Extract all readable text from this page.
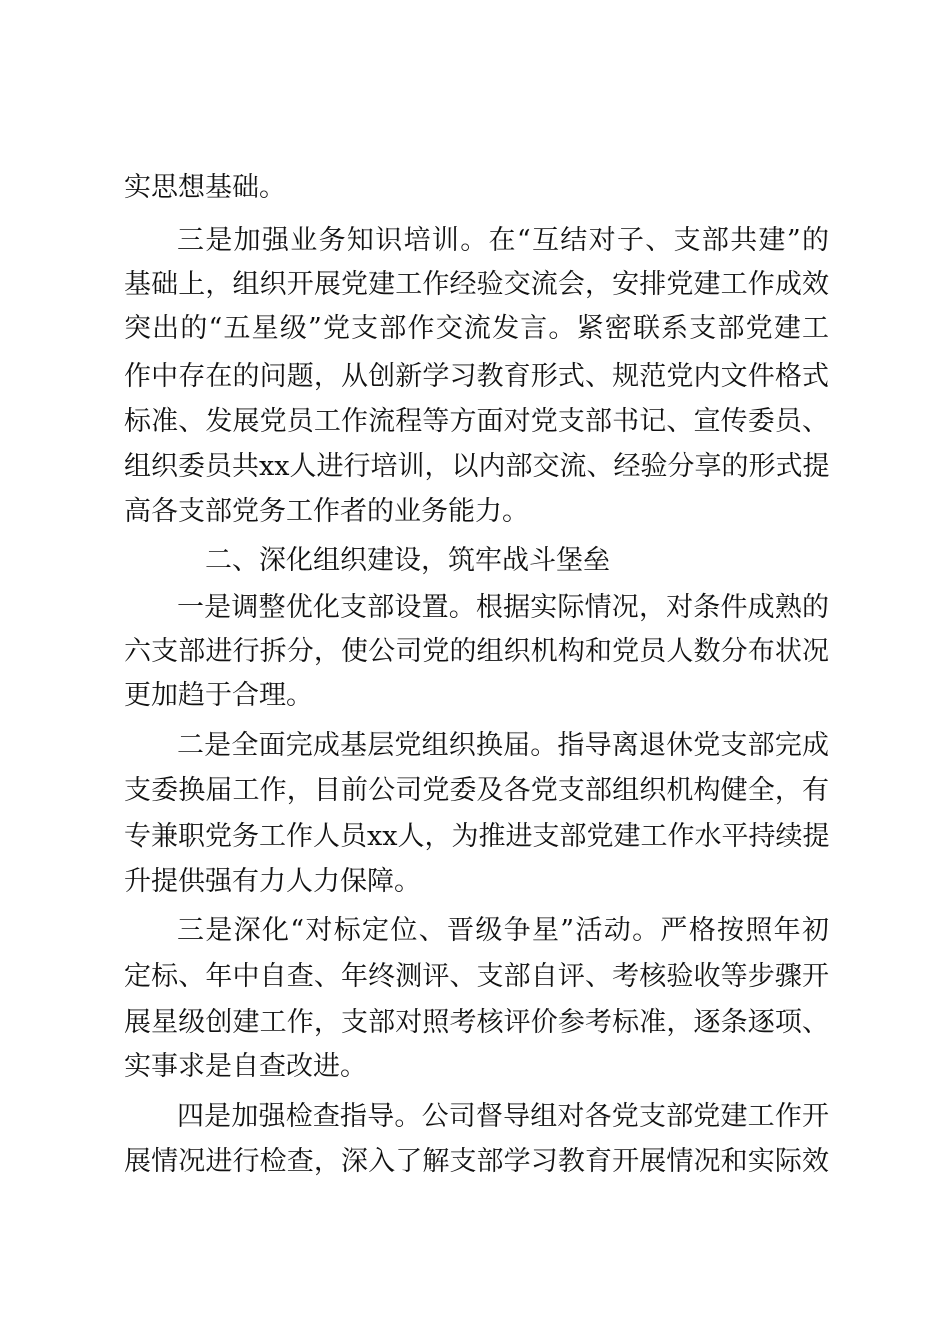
实思想基础。
三是加强业务知识培训。在“互结对子、支部共建”的
基础上，组织开展党建工作经验交流会，安排党建工作成效
突出的“五星级”党支部作交流发言。紧密联系支部党建工
作中存在的问题，从创新学习教育形式、规范党内文件格式
标准、发展党员工作流程等方面对党支部书记、宣传委员、
组织委员共xx人进行培训，以内部交流、经验分享的形式提
高各支部党务工作者的业务能力。
二、深化组织建设，筑牢战斗堡垒
一是调整优化支部设置。根据实际情况，对条件成熟的
六支部进行拆分，使公司党的组织机构和党员人数分布状况
更加趋于合理。
二是全面完成基层党组织换届。指导离退休党支部完成
支委换届工作，目前公司党委及各党支部组织机构健全，有
专兼职党务工作人员xx人，为推进支部党建工作水平持续提
升提供强有力人力保障。
三是深化“对标定位、晋级争星”活动。严格按照年初
定标、年中自查、年终测评、支部自评、考核验收等步骤开
展星级创建工作，支部对照考核评价参考标准，逐条逐项、
实事求是自查改进。
四是加强检查指导。公司督导组对各党支部党建工作开
展情况进行检查，深入了解支部学习教育开展情况和实际效
